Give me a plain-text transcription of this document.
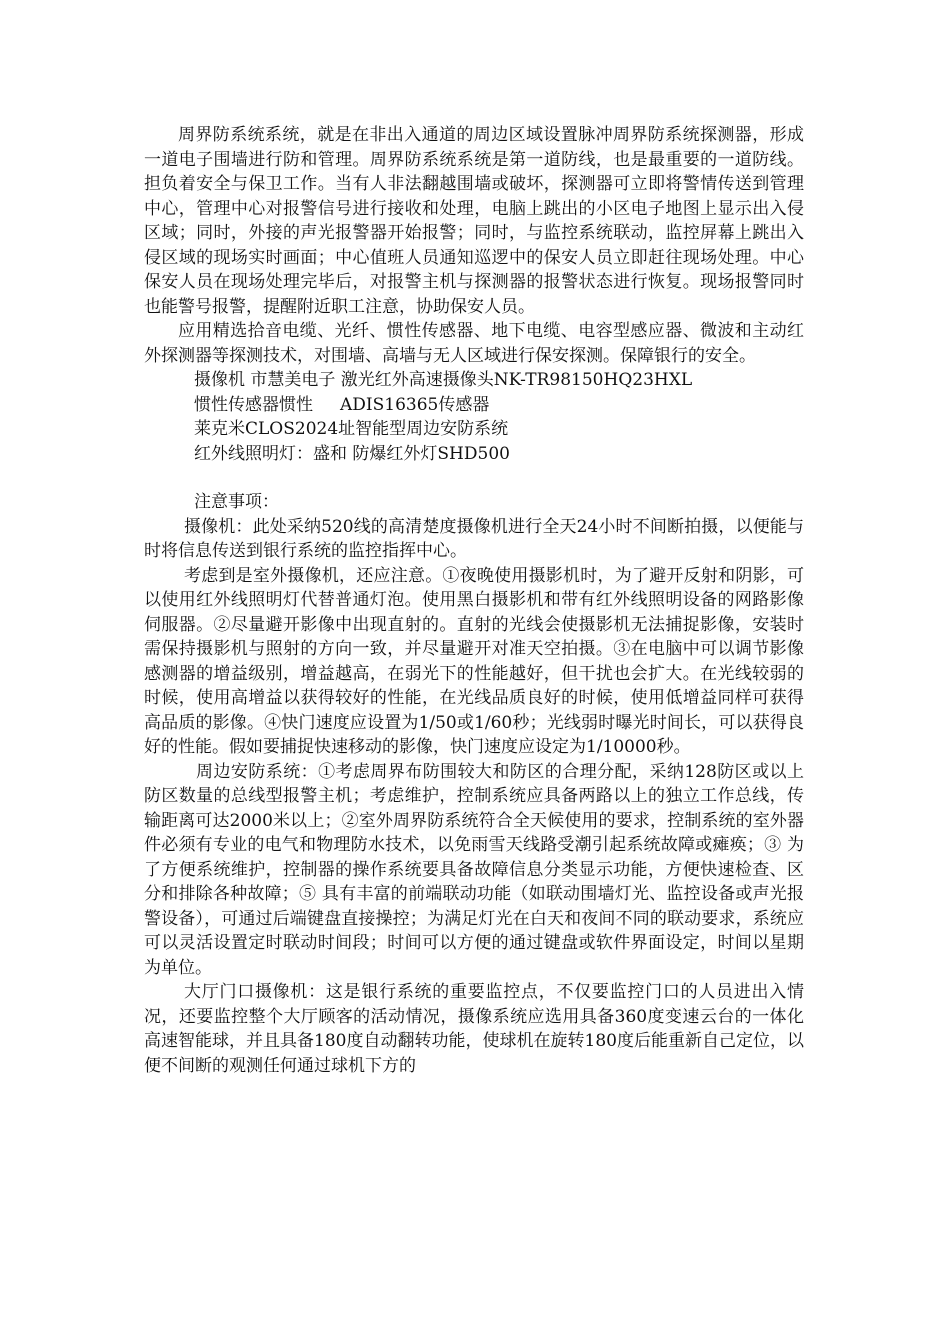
周界防系统系统，就是在非出入通道的周边区域设置脉冲周界防系统探测器，形成一道电子围墙进行防和管理。周界防系统系统是第一道防线，也是最重要的一道防线。担负着安全与保卫工作。当有人非法翻越围墙或破坏，探测器可立即将警情传送到管理中心，管理中心对报警信号进行接收和处理，电脑上跳出的小区电子地图上显示出入侵区域；同时，外接的声光报警器开始报警；同时，与监控系统联动，监控屏幕上跳出入侵区域的现场实时画面；中心值班人员通知巡逻中的保安人员立即赶往现场处理。中心保安人员在现场处理完毕后，对报警主机与探测器的报警状态进行恢复。现场报警同时也能警号报警，提醒附近职工注意，协助保安人员。

应用精选拾音电缆、光纤、惯性传感器、地下电缆、电容型感应器、微波和主动红外探测器等探测技术，对围墙、高墙与无人区域进行保安探测。保障银行的安全。

摄像机 市慧美电子 激光红外高速摄像头NK-TR98150HQ23HXL

惯性传感器惯性     ADIS16365传感器

莱克米CLOS2024址智能型周边安防系统

红外线照明灯：盛和 防爆红外灯SHD500

注意事项：

摄像机：此处采纳520线的高清楚度摄像机进行全天24小时不间断拍摄，以便能与时将信息传送到银行系统的监控指挥中心。

考虑到是室外摄像机，还应注意。①夜晚使用摄影机时，为了避开反射和阴影，可以使用红外线照明灯代替普通灯泡。使用黑白摄影机和带有红外线照明设备的网路影像伺服器。②尽量避开影像中出现直射的。直射的光线会使摄影机无法捕捉影像，安装时需保持摄影机与照射的方向一致，并尽量避开对准天空拍摄。③在电脑中可以调节影像感测器的增益级别，增益越高，在弱光下的性能越好，但干扰也会扩大。在光线较弱的时候，使用高增益以获得较好的性能，在光线品质良好的时候，使用低增益同样可获得高品质的影像。④快门速度应设置为1/50或1/60秒；光线弱时曝光时间长，可以获得良好的性能。假如要捕捉快速移动的影像，快门速度应设定为1/10000秒。

周边安防系统：①考虑周界布防围较大和防区的合理分配，采纳128防区或以上防区数量的总线型报警主机；考虑维护，控制系统应具备两路以上的独立工作总线，传输距离可达2000米以上；②室外周界防系统符合全天候使用的要求，控制系统的室外器件必须有专业的电气和物理防水技术，以免雨雪天线路受潮引起系统故障或瘫痪；③ 为了方便系统维护，控制器的操作系统要具备故障信息分类显示功能，方便快速检查、区分和排除各种故障；⑤ 具有丰富的前端联动功能（如联动围墙灯光、监控设备或声光报警设备），可通过后端键盘直接操控；为满足灯光在白天和夜间不同的联动要求，系统应可以灵活设置定时联动时间段；时间可以方便的通过键盘或软件界面设定，时间以星期为单位。

大厅门口摄像机：这是银行系统的重要监控点，不仅要监控门口的人员进出入情况，还要监控整个大厅顾客的活动情况，摄像系统应选用具备360度变速云台的一体化高速智能球，并且具备180度自动翻转功能，使球机在旋转180度后能重新自己定位，以便不间断的观测任何通过球机下方的
